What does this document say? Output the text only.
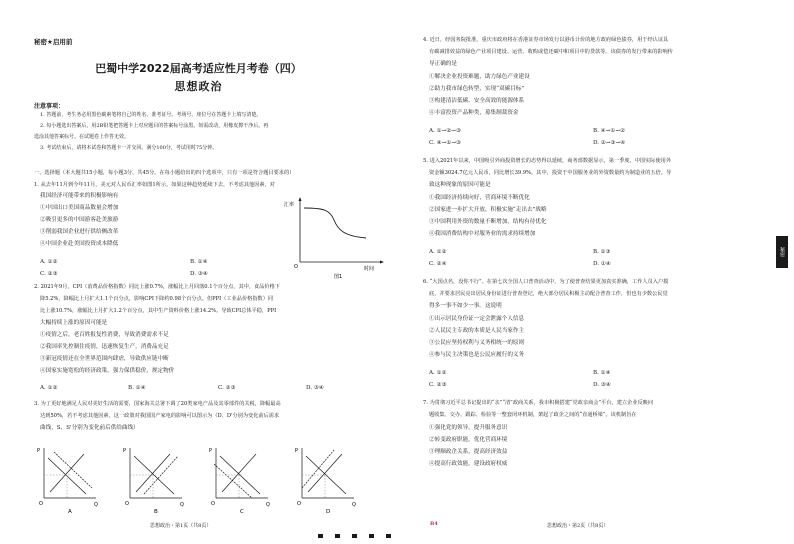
秘密★启用前
巴蜀中学2022届高考适应性月考卷（四）
思想政治
注意事项：
1. 答题前，考生务必用黑色碳素笔将自己的姓名、准考证号、考场号、座位号在答题卡上填写清楚。
2. 每小题选出答案后，用2B铅笔把答题卡上对应题目的答案标号涂黑。如需改动，用橡皮擦干净后，再
选涂其他答案标号。在试题卷上作答无效。
3. 考试结束后，请将本试卷和答题卡一并交回。满分100分，考试用时75分钟。
一、选择题（本大题共15小题，每小题3分，共45分。在每小题给出的四个选项中，只有一项是符合题目要求的）
1. 从去年11月到今年11月，美元对人民币汇率如图1所示。如果这种趋势延续下去，不考虑其他因素，对
我国经济可能带来的积极影响有
①中国出口美国商品数量会增加
②吸引更多的中国游客赴美旅游
③削弱我国企业进行供给侧改革
④中国企业赴美国投资成本降低
A. ①②	B. ①④
C. ②③	D. ③④
汇率
O	时间
图1
2. 2021年9月，CPI（消费品价格指数）同比上涨0.7%，涨幅比上月回落0.1个百分点，其中，食品价格下
降5.2%，降幅比上月扩大1.1个百分点，影响CPI下降约0.98个百分点。但PPI（工业品价格指数）同
比上涨10.7%，涨幅比上月扩大1.2个百分点，其中生产资料价格上涨14.2%。导致CPI总体平稳，PPI
大幅持续上涨的原因可能是
①疫情之后，老百姓报复性消费，导致消费需求不足
②我国率先控制住疫情，迅速恢复生产，消费品充足
③新冠疫情还在全世界范围内肆虐，导致供应链中断
④国家实施宽松的经济政策，强力保供稳价，规定物价
A. ①②	B. ①④	C. ②③	D. ③④
3. 为了更好地满足人民对美好生活的需要，国家海关总署下调了20类家电产品及其零部件的关税，降幅最高
达到50%，若不考虑其他因素，这一政策对我国国产家电的影响可以图示为（D、D'分别为变化前后需求
曲线，S、S'分别为变化前后供给曲线）
P
Q
O
A
P
Q
O
B
P
Q
O
C
P
Q
O
D
思想政治・第1页（共8页）	B4
4. 近日，经国务院批准，重庆市政府将在香港证券市场发行以港币计价的地方政府绿色债券，用于经认证具
有碳减排效益的绿色产业项目建设、运营、收购或偿还碳中和项目中的贷款等。该债券的发行带来的影响传
导正确的是
①解决企业投资难题，助力绿色产业建设
②助力我市绿色转型，实现“双碳目标”
③构建清洁低碳、安全高效的能源体系
④丰富投资产品种类，募集制裁资金
A. ①→②→③	B. ④→①→②
C. ④→①→③	D. ②→③→④
5. 进入2021年以来，中国吸引外商投资增长的态势得以延续，商务部数据显示，第一季度，中国实际使用外
资金额3024.7亿元人民币，同比增长39.9%。其中，投资于中国服务业的外资数量约为制造业的五倍。导
致这种现象的原因可能是
①我国经济持续向好，营商环境不断优化
②国家进一步扩大开放，积极实施“走出去”战略
③中国利用外资的数量不断增加，结构有待优化
④我国消费结构中对服务业的需求持续增加
A. ①②	B. ①③
C. ②④	D. ①④
6. “大国点名，没你不行”。在第七次全国人口普查活动中，为了使普查结果更加真实准确，工作人员入户摸
底，并要求居民亮出居民身份证进行普查登记，绝大部分居民积极主动配合普查工作，但也有少数公民觉
得多一事不如少一事。这说明
①出示居民身份证一定会泄露个人信息
②人民民主专政的本质是人民当家作主
③公民应坚持权利与义务相统一的原则
④参与民主决策也是公民应履行的义务
A. ①②	B. ①④
C. ②③	D. ③④
7. 为贯彻习近平总书记提出的“亲”“清”政商关系，我市积极搭建“党政亲商会”平台，建立企业反映问
题收集、交办、跟踪、检验等一整套闭环机制，架起了政企之间的“直通桥梁”。该机制旨在
①强化党的领导，提升服务意识
②转变政府职能，优化营商环境
③理顺政企关系，提高经济效益
④提高行政效能，建设政府权威
思想政治・第2页（共8页）
秘密
